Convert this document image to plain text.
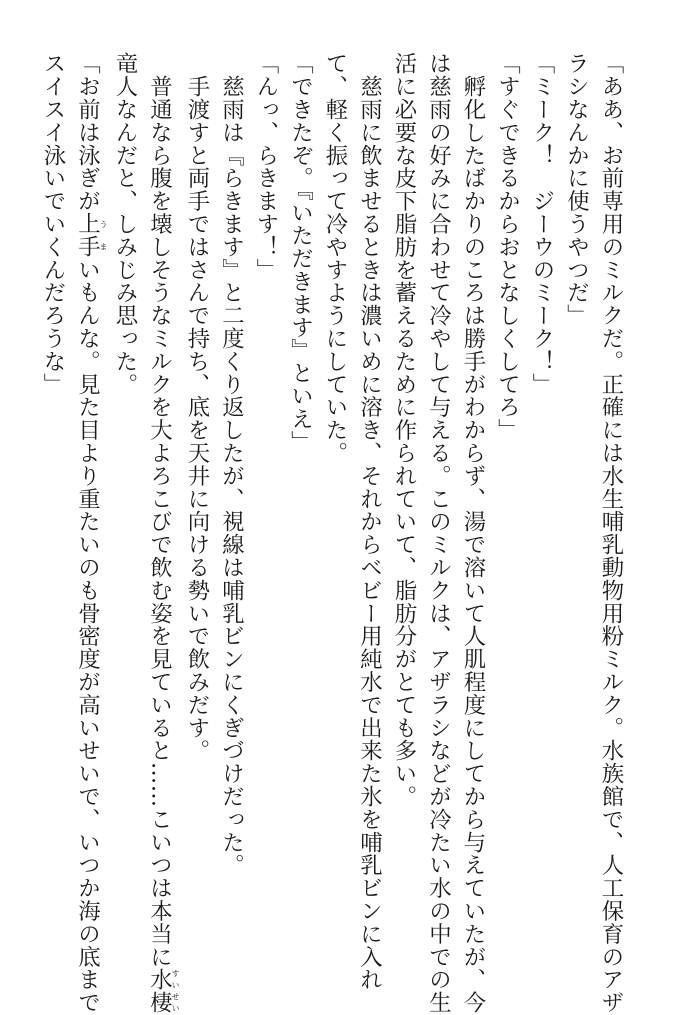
「ああ、お前専用のミルクだ。正確には水生哺乳動物用粉ミルク。水族館で、人工保育のアザ
ラシなんかに使うやつだ」
「ミーク！　ジーウのミーク！」
「すぐできるからおとなしくしてろ」
　孵化したばかりのころは勝手がわからず、湯で溶いて人肌程度にしてから与えていたが、今
は慈雨の好みに合わせて冷やして与える。このミルクは、アザラシなどが冷たい水の中での生
活に必要な皮下脂肪を蓄えるために作られていて、脂肪分がとても多い。
　慈雨に飲ませるときは濃いめに溶き、それからベビー用純水で出来た氷を哺乳ビンに入れ
て、軽く振って冷やすようにしていた。
「できたぞ。『いただきます』といえ」
「んっ、らきます！」
　慈雨は『らきます』と二度くり返したが、視線は哺乳ビンにくぎづけだった。
　手渡すと両手ではさんで持ち、底を天井に向ける勢いで飲みだす。
　普通なら腹を壊しそうなミルクを大よろこびで飲む姿を見ていると……こいつは本当に水棲すいせい
竜人なんだと、しみじみ思った。
「お前は泳ぎが上手うまいもんな。見た目より重たいのも骨密度が高いせいで、いつか海の底まで
スイスイ泳いでいくんだろうな」
